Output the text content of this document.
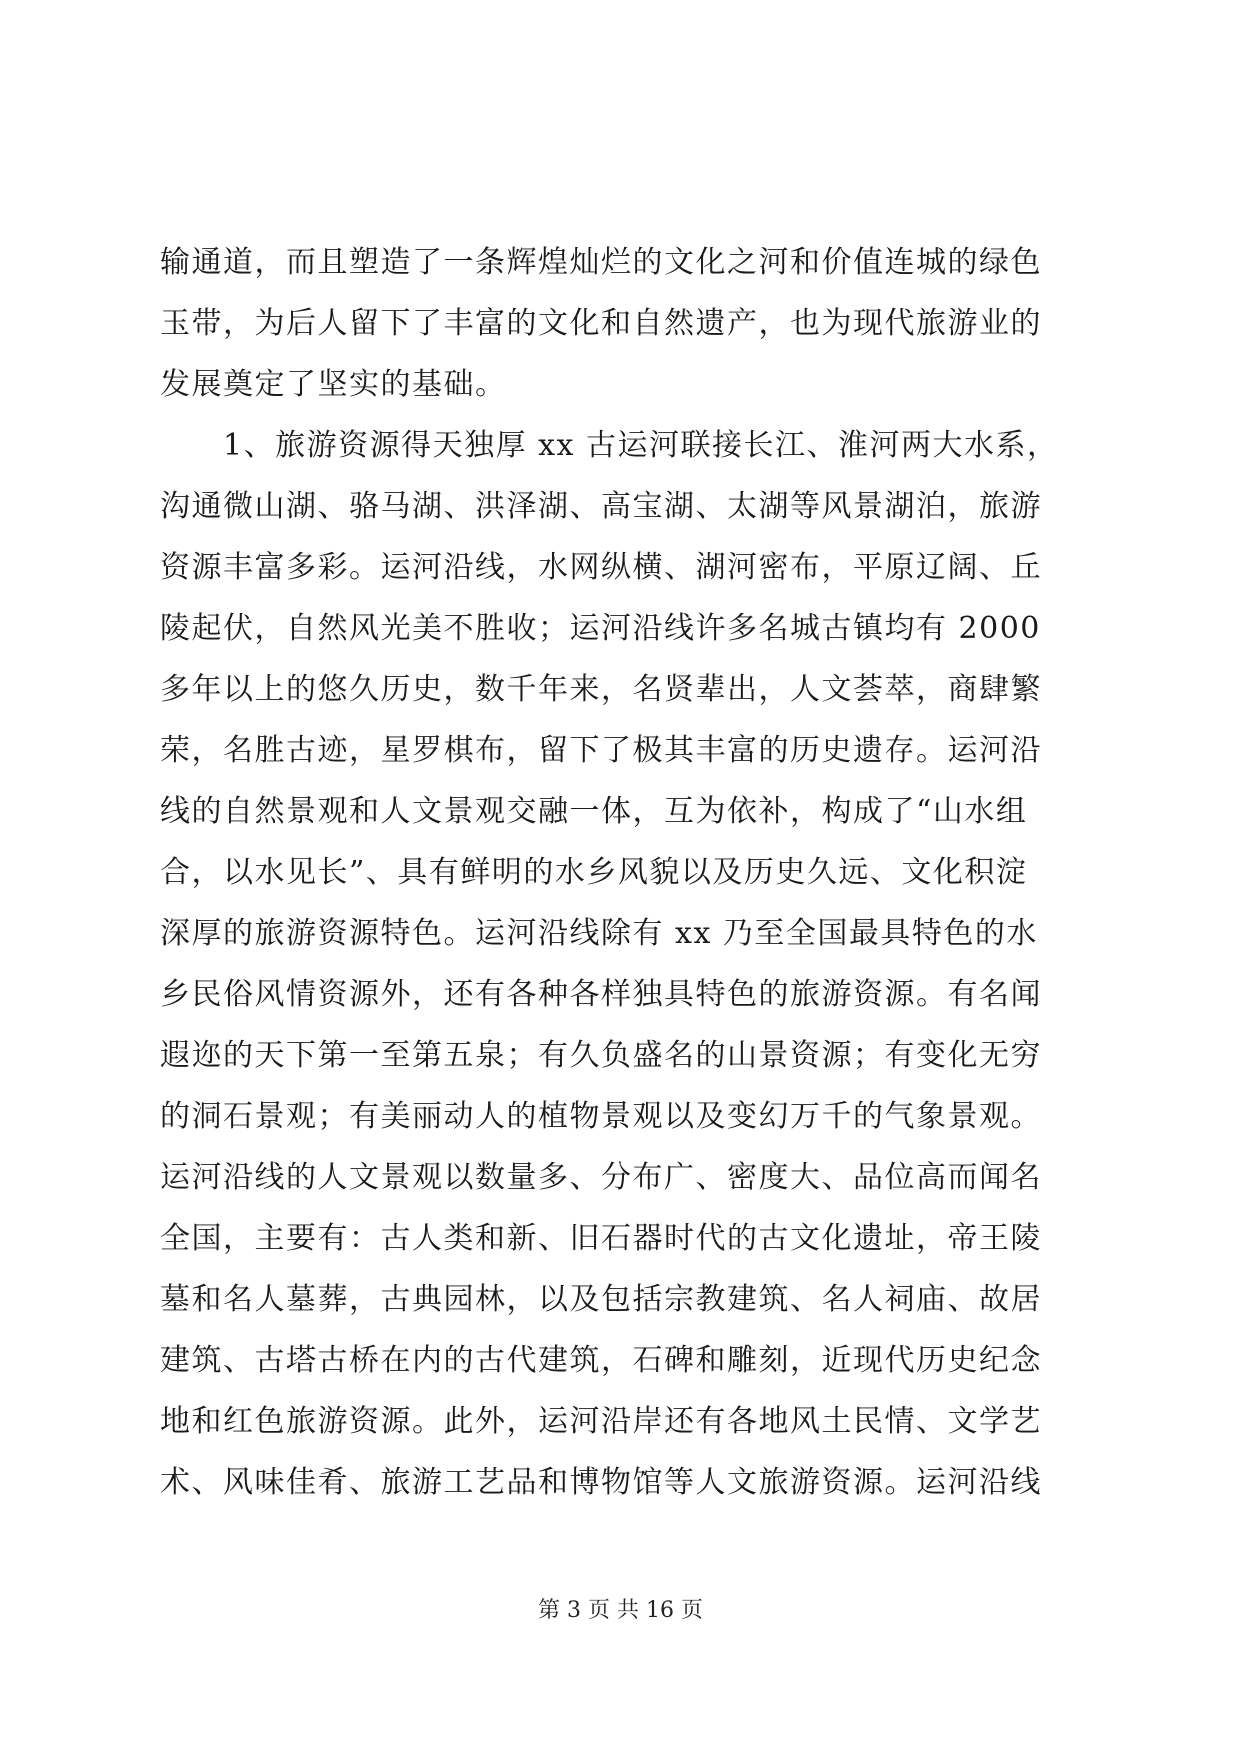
输通道，而且塑造了一条辉煌灿烂的文化之河和价值连城的绿色
玉带，为后人留下了丰富的文化和自然遗产，也为现代旅游业的
发展奠定了坚实的基础。
　　1、旅游资源得天独厚 xx 古运河联接长江、淮河两大水系，
沟通微山湖、骆马湖、洪泽湖、高宝湖、太湖等风景湖泊，旅游
资源丰富多彩。运河沿线，水网纵横、湖河密布，平原辽阔、丘
陵起伏，自然风光美不胜收；运河沿线许多名城古镇均有 2000
多年以上的悠久历史，数千年来，名贤辈出，人文荟萃，商肆繁
荣，名胜古迹，星罗棋布，留下了极其丰富的历史遗存。运河沿
线的自然景观和人文景观交融一体，互为依补，构成了“山水组
合，以水见长”、具有鲜明的水乡风貌以及历史久远、文化积淀
深厚的旅游资源特色。运河沿线除有 xx 乃至全国最具特色的水
乡民俗风情资源外，还有各种各样独具特色的旅游资源。有名闻
遐迩的天下第一至第五泉；有久负盛名的山景资源；有变化无穷
的洞石景观；有美丽动人的植物景观以及变幻万千的气象景观。
运河沿线的人文景观以数量多、分布广、密度大、品位高而闻名
全国，主要有：古人类和新、旧石器时代的古文化遗址，帝王陵
墓和名人墓葬，古典园林，以及包括宗教建筑、名人祠庙、故居
建筑、古塔古桥在内的古代建筑，石碑和雕刻，近现代历史纪念
地和红色旅游资源。此外，运河沿岸还有各地风土民情、文学艺
术、风味佳肴、旅游工艺品和博物馆等人文旅游资源。运河沿线
第 3 页 共 16 页
